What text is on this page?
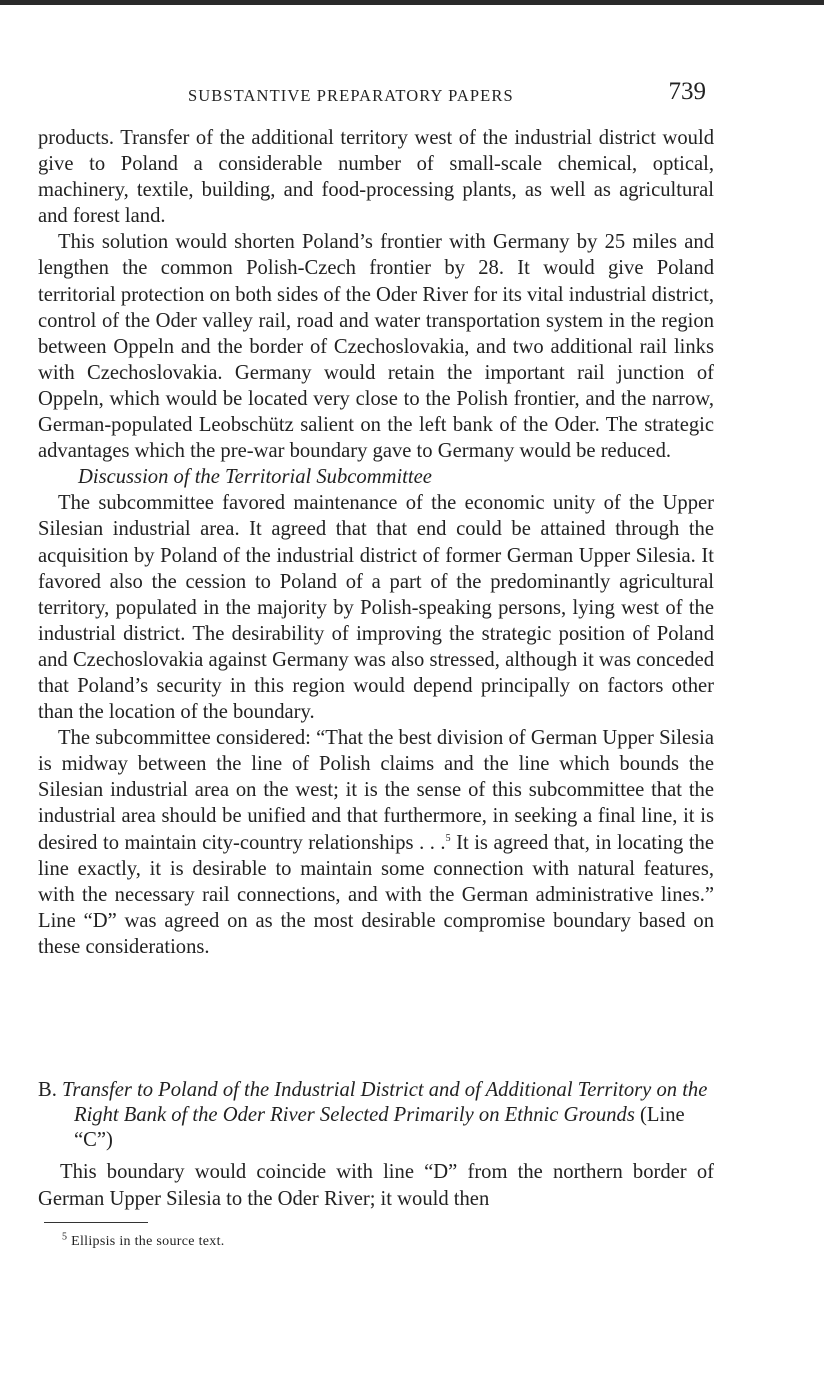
SUBSTANTIVE PREPARATORY PAPERS	739

products. Transfer of the additional territory west of the industrial district would give to Poland a considerable number of small-scale chemical, optical, machinery, textile, building, and food-processing plants, as well as agricultural and forest land.

This solution would shorten Poland’s frontier with Germany by 25 miles and lengthen the common Polish-Czech frontier by 28. It would give Poland territorial protection on both sides of the Oder River for its vital industrial district, control of the Oder valley rail, road and water transportation system in the region between Oppeln and the border of Czechoslovakia, and two additional rail links with Czechoslovakia. Germany would retain the important rail junction of Oppeln, which would be located very close to the Polish frontier, and the narrow, German-populated Leobschütz salient on the left bank of the Oder. The strategic advantages which the pre-war boundary gave to Germany would be reduced.

Discussion of the Territorial Subcommittee

The subcommittee favored maintenance of the economic unity of the Upper Silesian industrial area. It agreed that that end could be attained through the acquisition by Poland of the industrial district of former German Upper Silesia. It favored also the cession to Poland of a part of the predominantly agricultural territory, populated in the majority by Polish-speaking persons, lying west of the industrial district. The desirability of improving the strategic position of Poland and Czechoslovakia against Germany was also stressed, although it was conceded that Poland’s security in this region would depend principally on factors other than the location of the boundary.

The subcommittee considered: “That the best division of German Upper Silesia is midway between the line of Polish claims and the line which bounds the Silesian industrial area on the west; it is the sense of this subcommittee that the industrial area should be unified and that furthermore, in seeking a final line, it is desired to maintain city-country relationships . . .$^5$ It is agreed that, in locating the line exactly, it is desirable to maintain some connection with natural features, with the necessary rail connections, and with the German administrative lines.” Line “D” was agreed on as the most desirable compromise boundary based on these considerations.

B. Transfer to Poland of the Industrial District and of Additional Territory on the Right Bank of the Oder River Selected Primarily on Ethnic Grounds (Line “C”)

This boundary would coincide with line “D” from the northern border of German Upper Silesia to the Oder River; it would then

$^5$ Ellipsis in the source text.
